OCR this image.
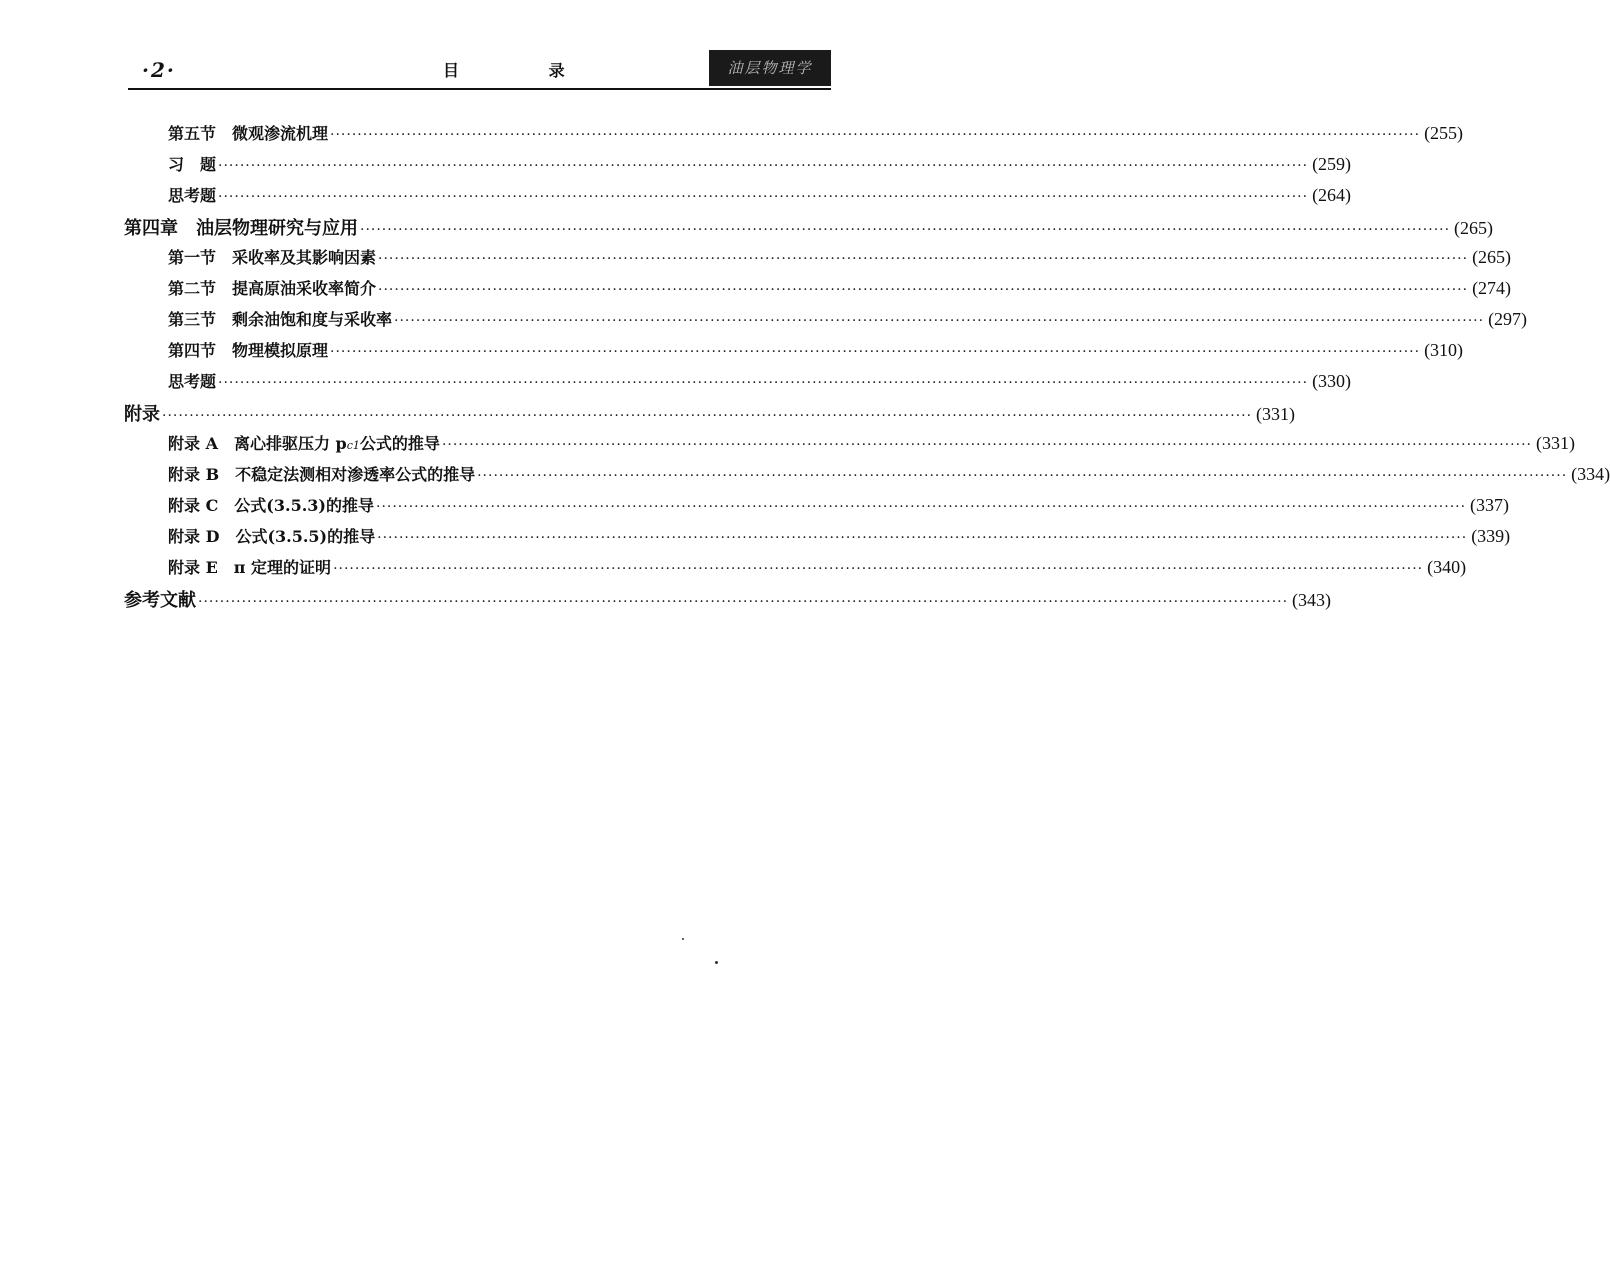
·2·	目 录	油层物理学
第五节　微观渗流机理 ········································································································································································································ (255)
习　题 ········································································································································································································ (259)
思考题 ········································································································································································································ (264)
第四章　油层物理研究与应用 ········································································································································································································ (265)
第一节　采收率及其影响因素 ········································································································································································································ (265)
第二节　提高原油采收率简介 ········································································································································································································ (274)
第三节　剩余油饱和度与采收率 ········································································································································································································ (297)
第四节　物理模拟原理 ········································································································································································································ (310)
思考题 ········································································································································································································ (330)
附录 ········································································································································································································ (331)
附录 A　离心排驱压力 p c1 公式的推导 ········································································································································································································ (331)
附录 B　不稳定法测相对渗透率公式的推导 ········································································································································································································ (334)
附录 C　公式(3.5.3)的推导 ········································································································································································································ (337)
附录 D　公式(3.5.5)的推导 ········································································································································································································ (339)
附录 E　π 定理的证明 ········································································································································································································ (340)
参考文献 ········································································································································································································ (343)
